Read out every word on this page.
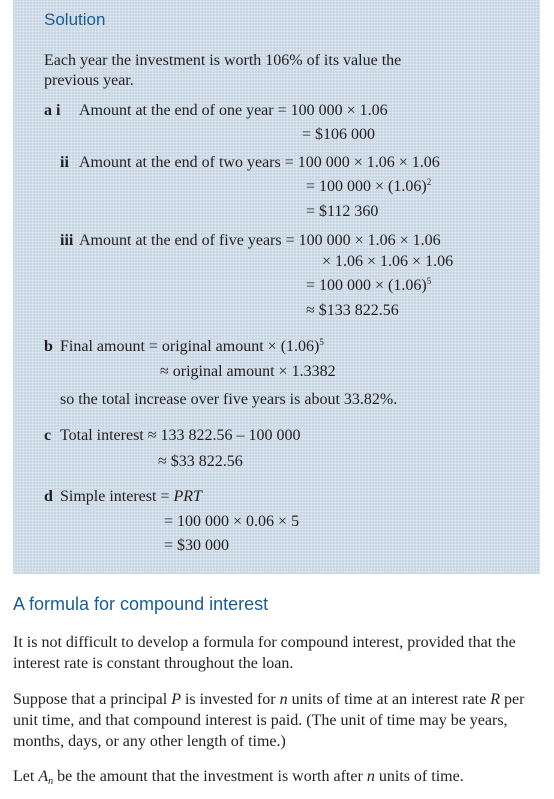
Solution
Each year the investment is worth 106% of its value the
previous year.
a i Amount at the end of one year = 100 000 × 1.06
= $106 000
ii Amount at the end of two years = 100 000 × 1.06 × 1.06
= 100 $000 \times (1.06)^2$
= $112 360
iii Amount at the end of five years = 100 000 × 1.06 × 1.06
× 1.06 × 1.06 × 1.06
= 100 $000 \times (1.06)^5$
≈ $133 822.56
b Final amount = original amount × $(1.06)^5$
≈ original amount × 1.3382
so the total increase over five years is about 33.82%.
c Total interest ≈ 133 822.56 – 100 000
≈ $33 822.56
d Simple interest = PRT
= 100 000 × 0.06 × 5
= $30 000
A formula for compound interest
It is not difficult to develop a formula for compound interest, provided that the interest rate is constant throughout the loan.
Suppose that a principal P is invested for n units of time at an interest rate R per unit time, and that compound interest is paid. (The unit of time may be years, months, days, or any other length of time.)
Let $A_n$ be the amount that the investment is worth after n units of time.
